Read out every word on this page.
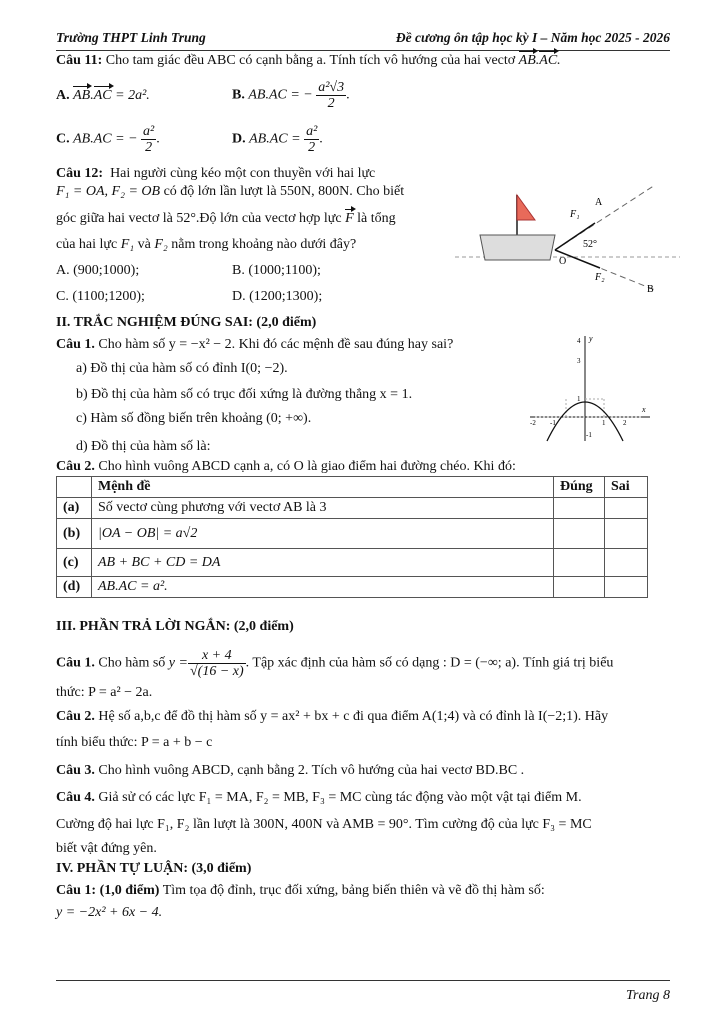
Trường THPT Linh Trung	Đề cương ôn tập học kỳ I – Năm học 2025 - 2026
Câu 11: Cho tam giác đều ABC có cạnh bằng a. Tính tích vô hướng của hai vectơ AB.AC.
A. AB.AC = 2a².	B. AB.AC = − $\frac{\text{a²√3}}{2}$ .
C. AB.AC = − $\frac{\text{a²}}{2}$ .	D. $AB.AC = \frac{\text{a²}}{2}$ .
Câu 12: Hai người cùng kéo một con thuyền với hai lực
F₁ = OA, F₂ = OB có độ lớn lần lượt là 550N, 800N. Cho biết
góc giữa hai vectơ là 52°.Độ lớn của vectơ hợp lực F là tổng
của hai lực F₁ và F₂ nằm trong khoảng nào dưới đây?
A. (900;1000);	B. (1000;1100);
C. (1100;1200);	D. (1200;1300);
F₁
A
52°
O
F₂
B
II. TRẮC NGHIỆM ĐÚNG SAI: (2,0 điểm)
Câu 1. Cho hàm số y = −x² − 2. Khi đó các mệnh đề sau đúng hay sai?
a) Đồ thị của hàm số có đỉnh I(0; −2).
b) Đồ thị của hàm số có trục đối xứng là đường thẳng x = 1.
c) Hàm số đồng biến trên khoảng (0; +∞).
d) Đồ thị của hàm số là:
y
x
4
3
1
-1
-2 -1	1	2
Câu 2. Cho hình vuông ABCD cạnh a, có O là giao điểm hai đường chéo. Khi đó:
	Mệnh đề	Đúng	Sai
(a)	Số vectơ cùng phương với vectơ AB là 3		
(b)	|OA − OB| = a√2		
(c)	AB + BC + CD = DA		
(d)	AB.AC = a².		
III. PHẦN TRẢ LỜI NGẮN: (2,0 điểm)
Câu 1. Cho hàm số $y = \frac{x + 4}{√(16 - x)}$ . Tập xác định của hàm số có dạng : D = (−∞; a). Tính giá trị biểu
thức: P = a² − 2a.
Câu 2. Hệ số a,b,c để đồ thị hàm số y = ax² + bx + c đi qua điểm A(1;4) và có đỉnh là I(−2;1). Hãy
tính biểu thức: P = a + b − c
Câu 3. Cho hình vuông ABCD, cạnh bằng 2. Tích vô hướng của hai vectơ BD.BC .
Câu 4. Giả sử có các lực F₁ = MA, F₂ = MB, F₃ = MC cùng tác động vào một vật tại điểm M.
Cường độ hai lực F₁, F₂ lần lượt là 300N, 400N và AMB = 90°. Tìm cường độ của lực F₃ = MC
biết vật đứng yên.
IV. PHẦN TỰ LUẬN: (3,0 điểm)
Câu 1: (1,0 điểm) Tìm tọa độ đỉnh, trục đối xứng, bảng biến thiên và vẽ đồ thị hàm số:
y = −2x² + 6x − 4.
Trang 8
